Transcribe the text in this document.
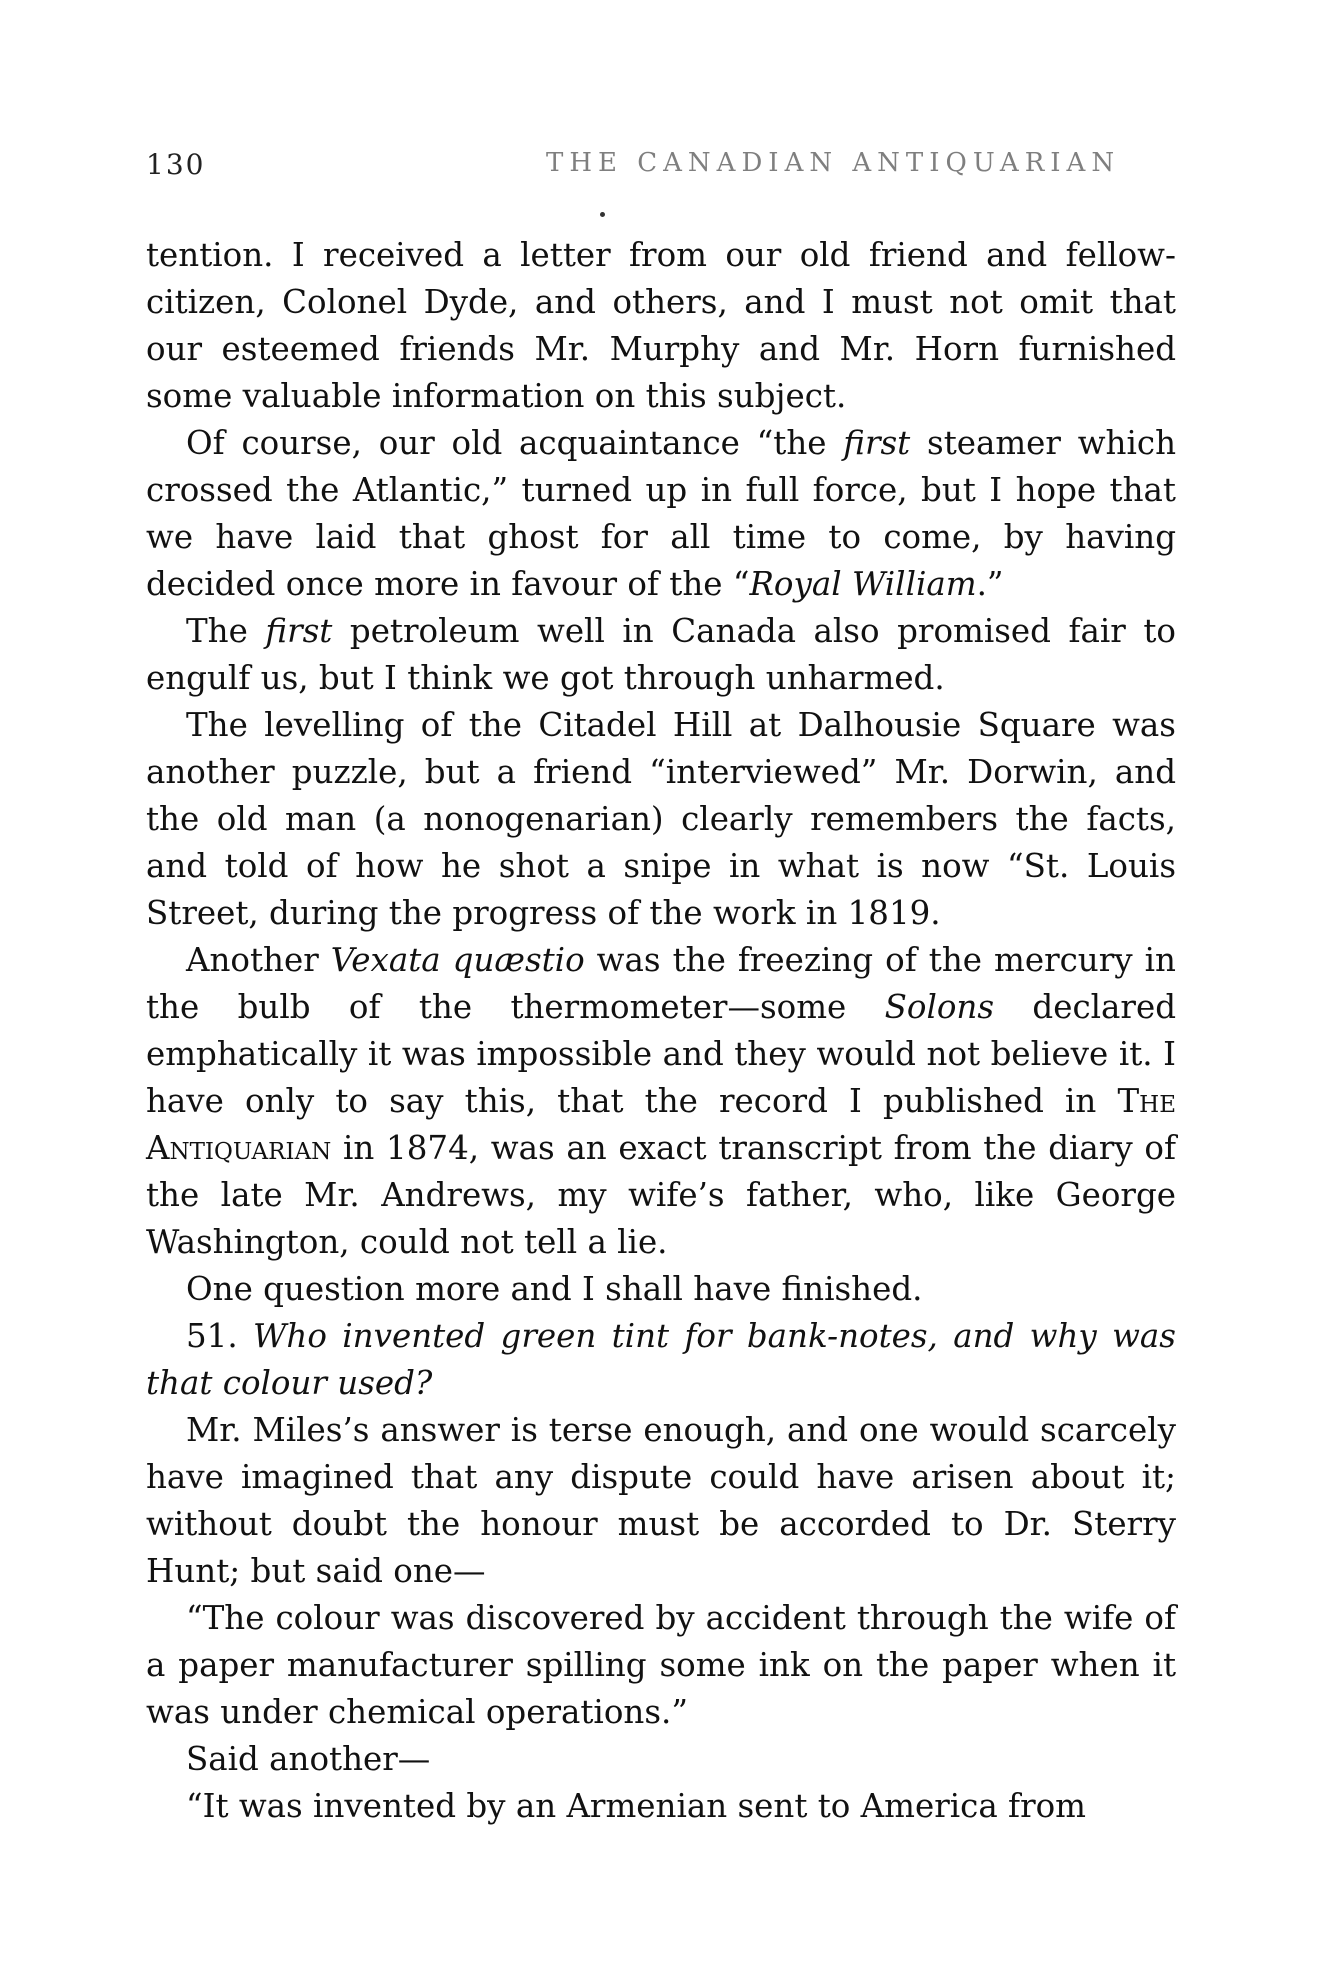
130	THE CANADIAN ANTIQUARIAN

tention. I received a letter from our old friend and fellow-citizen, Colonel Dyde, and others, and I must not omit that our esteemed friends Mr. Murphy and Mr. Horn furnished some valuable information on this subject.

Of course, our old acquaintance “the first steamer which crossed the Atlantic,” turned up in full force, but I hope that we have laid that ghost for all time to come, by having decided once more in favour of the “Royal William.”

The first petroleum well in Canada also promised fair to engulf us, but I think we got through unharmed.

The levelling of the Citadel Hill at Dalhousie Square was another puzzle, but a friend “interviewed” Mr. Dorwin, and the old man (a nonogenarian) clearly remembers the facts, and told of how he shot a snipe in what is now “St. Louis Street, during the progress of the work in 1819.

Another Vexata quæstio was the freezing of the mercury in the bulb of the thermometer—some Solons declared emphatically it was impossible and they would not believe it. I have only to say this, that the record I published in The Antiquarian in 1874, was an exact transcript from the diary of the late Mr. Andrews, my wife’s father, who, like George Washington, could not tell a lie.

One question more and I shall have finished.

51. Who invented green tint for bank-notes, and why was that colour used?

Mr. Miles’s answer is terse enough, and one would scarcely have imagined that any dispute could have arisen about it; without doubt the honour must be accorded to Dr. Sterry Hunt; but said one—

“The colour was discovered by accident through the wife of a paper manufacturer spilling some ink on the paper when it was under chemical operations.”

Said another—

“It was invented by an Armenian sent to America from
